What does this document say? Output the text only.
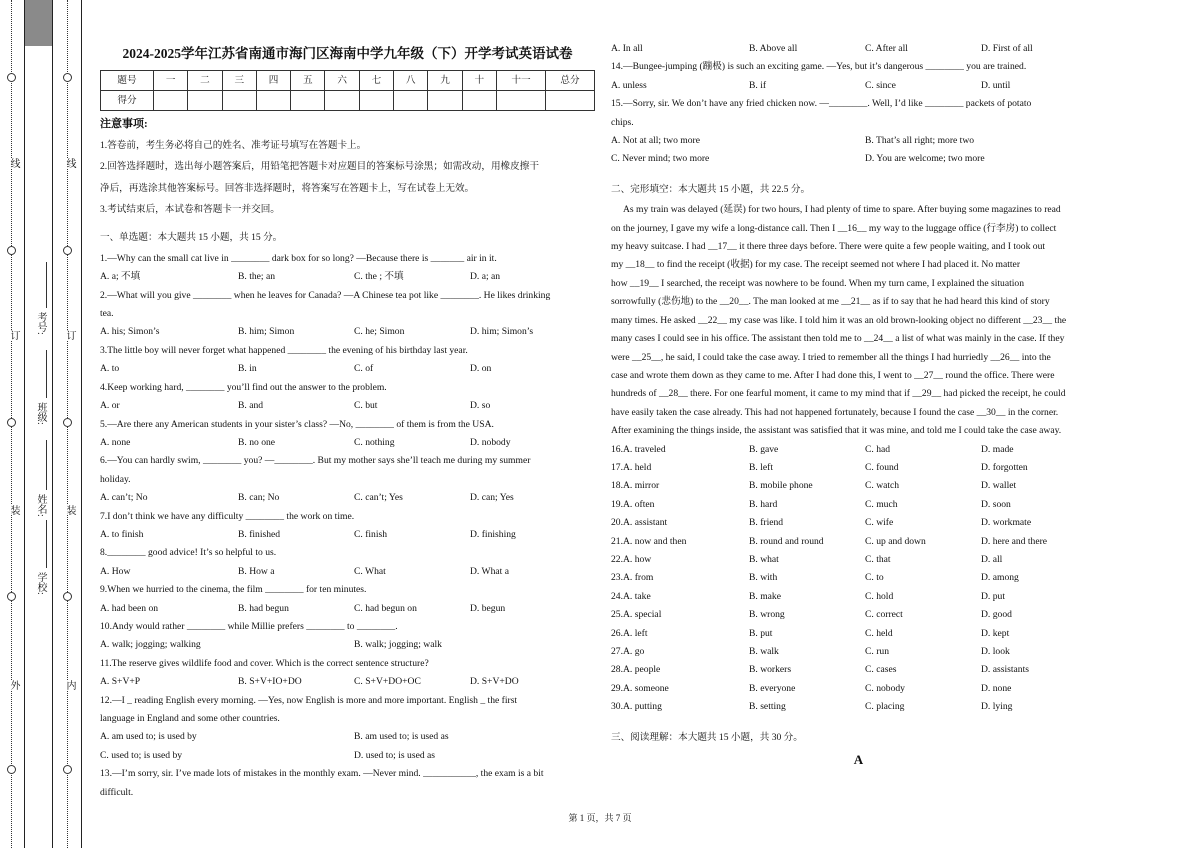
线
订
装
外
线
订
装
内
学校:
姓名:
班级:
考号:
2024-2025学年江苏省南通市海门区海南中学九年级（下）开学考试英语试卷
题号	一	二	三	四	五	六	七	八	九	十	十一	总分
得分												
注意事项:

1.答卷前，考生务必将自己的姓名、准考证号填写在答题卡上。

2.回答选择题时，选出每小题答案后，用铅笔把答题卡对应题目的答案标号涂黑；如需改动，用橡皮擦干

净后，再选涂其他答案标号。回答非选择题时，将答案写在答题卡上，写在试卷上无效。

3.考试结束后，本试卷和答题卡一并交回。

一、单选题：本大题共 15 小题，共 15 分。

1.—Why can the small cat live in ________ dark box for so long? —Because there is _______ air in it.

A. a; 不填	B. the; an	C. the ; 不填	D. a; an

2.—What will you give ________ when he leaves for Canada? —A Chinese tea pot like ________. He likes drinking

tea.

A. his; Simon’s	B. him; Simon	C. he; Simon	D. him; Simon’s

3.The little boy will never forget what happened ________ the evening of his birthday last year.

A. to	B. in	C. of	D. on

4.Keep working hard, ________ you’ll find out the answer to the problem.

A. or	B. and	C. but	D. so

5.—Are there any American students in your sister’s class? —No, ________ of them is from the USA.

A. none	B. no one	C. nothing	D. nobody

6.—You can hardly swim, ________ you? —________. But my mother says she’ll teach me during my summer

holiday.

A. can’t; No	B. can; No	C. can’t; Yes	D. can; Yes

7.I don’t think we have any difficulty ________ the work on time.

A. to finish	B. finished	C. finish	D. finishing

8.________ good advice! It’s so helpful to us.

A. How	B. How a	C. What	D. What a

9.When we hurried to the cinema, the film ________ for ten minutes.

A. had been on	B. had begun	C. had begun on	D. begun

10.Andy would rather ________ while Millie prefers ________ to ________.

A. walk; jogging; walking	B. walk; jogging; walk

11.The reserve gives wildlife food and cover. Which is the correct sentence structure?

A. S+V+P	B. S+V+IO+DO	C. S+V+DO+OC	D. S+V+DO

12.—I _ reading English every morning. —Yes, now English is more and more important. English _ the first

language in England and some other countries.

A. am used to; is used by	B. am used to; is used as
C. used to; is used by	D. used to; is used as

13.—I’m sorry, sir. I’ve made lots of mistakes in the monthly exam. —Never mind. ___________, the exam is a bit

difficult.

A. In all	B. Above all	C. After all	D. First of all

14.—Bungee-jumping (蹦极) is such an exciting game. —Yes, but it’s dangerous ________ you are trained.

A. unless	B. if	C. since	D. until

15.—Sorry, sir. We don’t have any fried chicken now. —________. Well, I’d like ________ packets of potato

chips.

A. Not at all; two more	B. That’s all right; more two
C. Never mind; two more	D. You are welcome; two more

二、完形填空：本大题共 15 小题，共 22.5 分。

As my train was delayed (延误) for two hours, I had plenty of time to spare. After buying some magazines to read

on the journey, I gave my wife a long-distance call. Then I __16__ my way to the luggage office (行李房) to collect

my heavy suitcase. I had __17__ it there three days before. There were quite a few people waiting, and I took out

my __18__ to find the receipt (收据) for my case. The receipt seemed not where I had placed it. No matter

how __19__ I searched, the receipt was nowhere to be found. When my turn came, I explained the situation

sorrowfully (悲伤地) to the __20__. The man looked at me __21__ as if to say that he had heard this kind of story

many times. He asked __22__ my case was like. I told him it was an old brown-looking object no different __23__ the

many cases I could see in his office. The assistant then told me to __24__ a list of what was mainly in the case. If they

were __25__, he said, I could take the case away. I tried to remember all the things I had hurriedly __26__ into the

case and wrote them down as they came to me. After I had done this, I went to __27__ round the office. There were

hundreds of __28__ there. For one fearful moment, it came to my mind that if __29__ had picked the receipt, he could

have easily taken the case already. This had not happened fortunately, because I found the case __30__ in the corner.

After examining the things inside, the assistant was satisfied that it was mine, and told me I could take the case away.

16.A. traveled	B. gave	C. had	D. made
17.A. held	B. left	C. found	D. forgotten
18.A. mirror	B. mobile phone	C. watch	D. wallet
19.A. often	B. hard	C. much	D. soon
20.A. assistant	B. friend	C. wife	D. workmate
21.A. now and then	B. round and round	C. up and down	D. here and there
22.A. how	B. what	C. that	D. all
23.A. from	B. with	C. to	D. among
24.A. take	B. make	C. hold	D. put
25.A. special	B. wrong	C. correct	D. good
26.A. left	B. put	C. held	D. kept
27.A. go	B. walk	C. run	D. look
28.A. people	B. workers	C. cases	D. assistants
29.A. someone	B. everyone	C. nobody	D. none
30.A. putting	B. setting	C. placing	D. lying

三、阅读理解：本大题共 15 小题，共 30 分。

A
第 1 页，共 7 页
